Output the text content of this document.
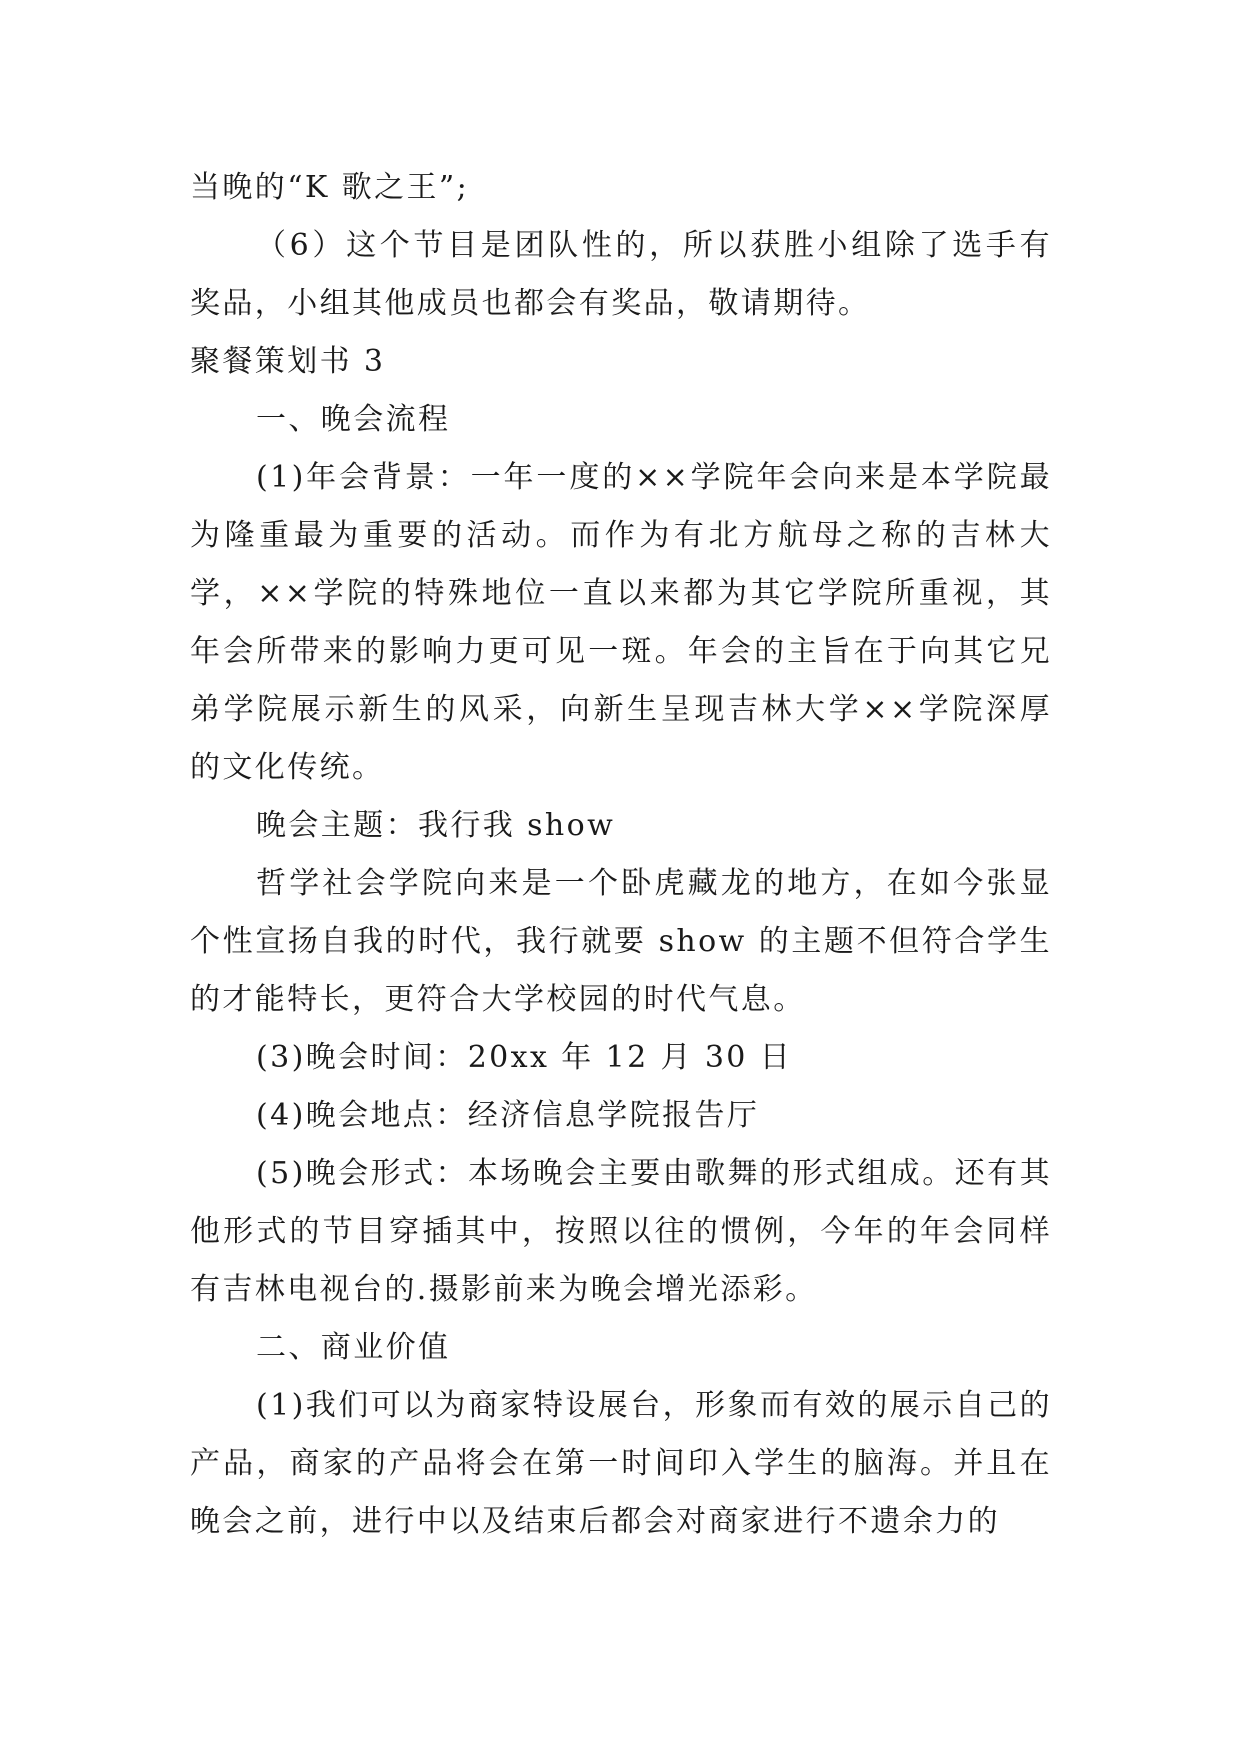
当晚的“K 歌之王”;

（6）这个节目是团队性的，所以获胜小组除了选手有奖品，小组其他成员也都会有奖品，敬请期待。

聚餐策划书 3

一、晚会流程

(1)年会背景：一年一度的××学院年会向来是本学院最为隆重最为重要的活动。而作为有北方航母之称的吉林大学，××学院的特殊地位一直以来都为其它学院所重视，其年会所带来的影响力更可见一斑。年会的主旨在于向其它兄弟学院展示新生的风采，向新生呈现吉林大学××学院深厚的文化传统。

晚会主题：我行我 show

哲学社会学院向来是一个卧虎藏龙的地方，在如今张显个性宣扬自我的时代，我行就要 show 的主题不但符合学生的才能特长，更符合大学校园的时代气息。

(3)晚会时间：20xx 年 12 月 30 日

(4)晚会地点：经济信息学院报告厅

(5)晚会形式：本场晚会主要由歌舞的形式组成。还有其他形式的节目穿插其中，按照以往的惯例，今年的年会同样有吉林电视台的.摄影前来为晚会增光添彩。

二、商业价值

(1)我们可以为商家特设展台，形象而有效的展示自己的产品，商家的产品将会在第一时间印入学生的脑海。并且在晚会之前，进行中以及结束后都会对商家进行不遗余力的
